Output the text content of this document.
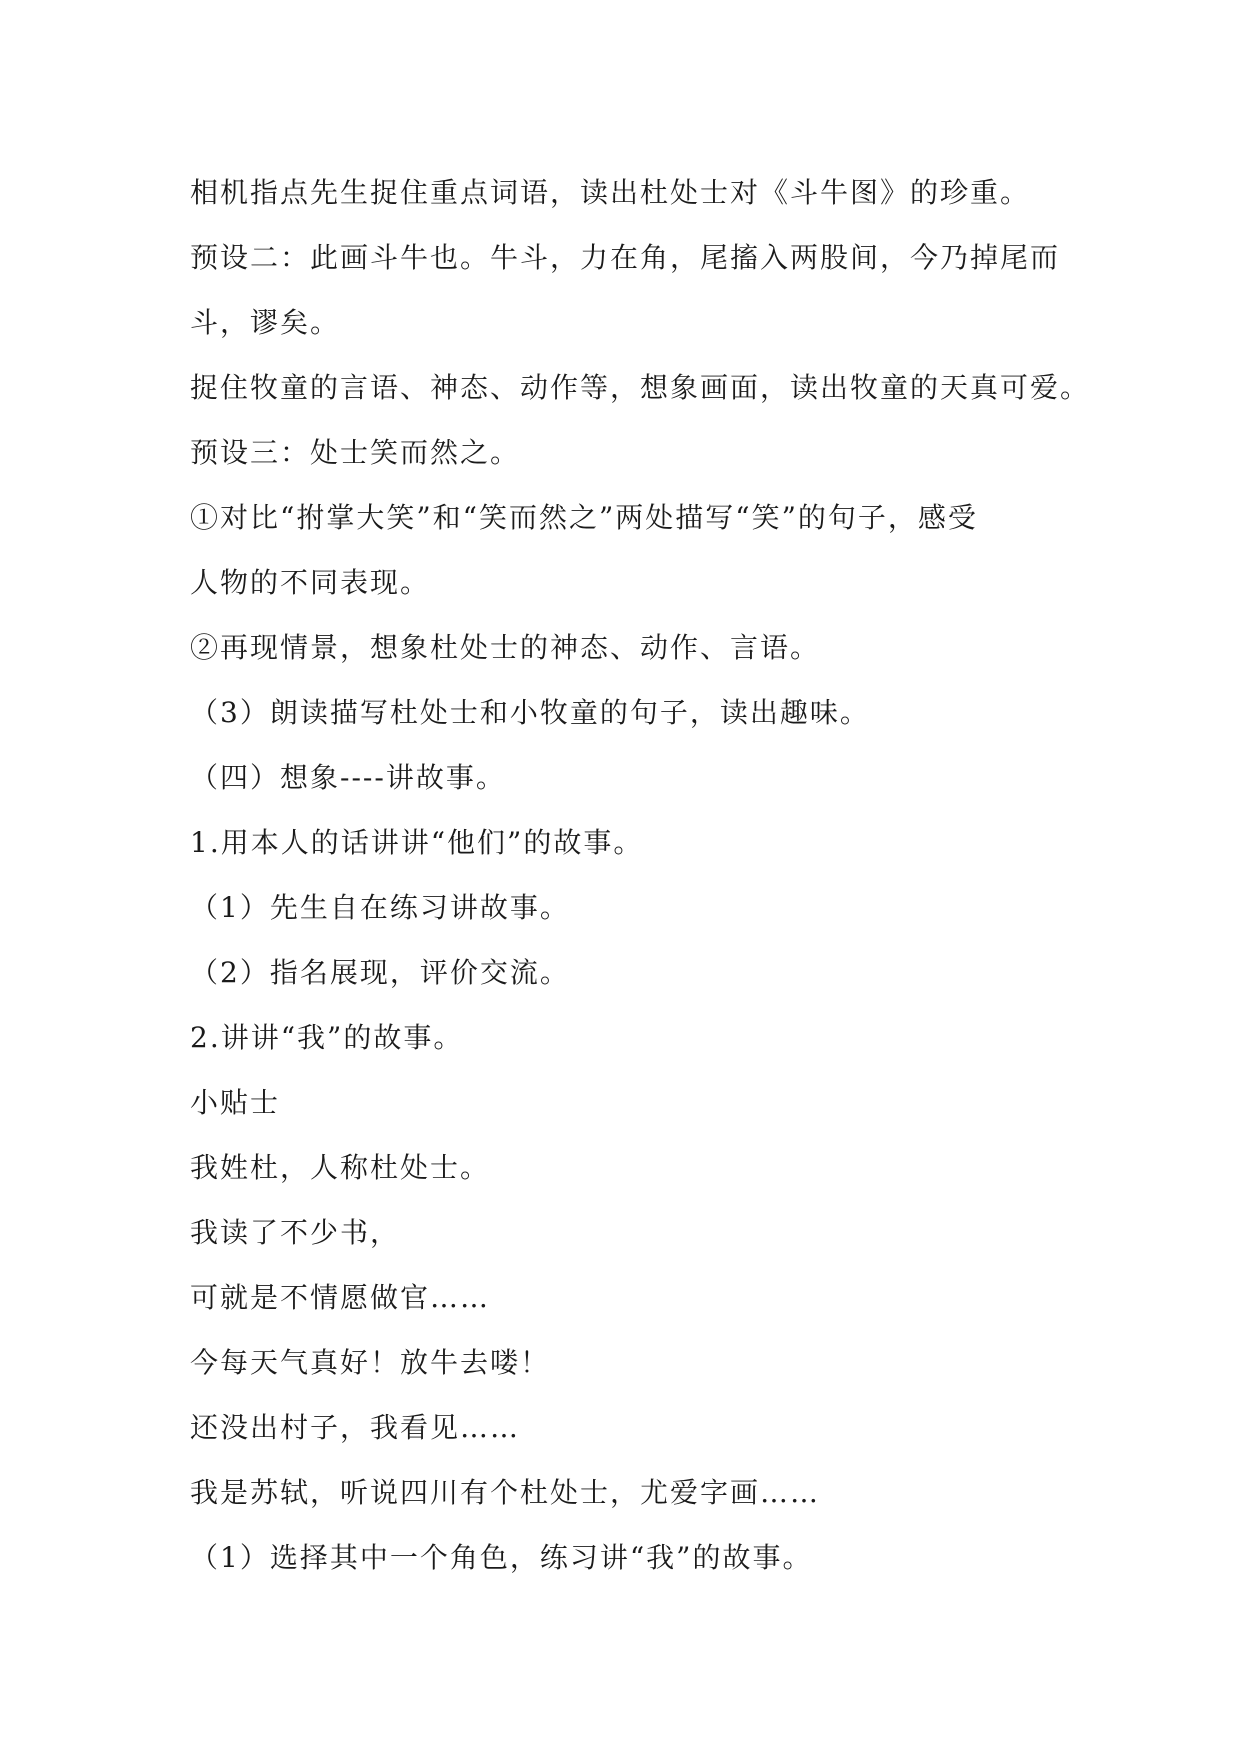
相机指点先生捉住重点词语，读出杜处士对《斗牛图》的珍重。

预设二：此画斗牛也。牛斗，力在角，尾搐入两股间，今乃掉尾而

斗，谬矣。

捉住牧童的言语、神态、动作等，想象画面，读出牧童的天真可爱。

预设三：处士笑而然之。

①对比“拊掌大笑”和“笑而然之”两处描写“笑”的句子，感受

人物的不同表现。

②再现情景，想象杜处士的神态、动作、言语。

（3）朗读描写杜处士和小牧童的句子，读出趣味。

（四）想象----讲故事。

1.用本人的话讲讲“他们”的故事。

（1）先生自在练习讲故事。

（2）指名展现，评价交流。

2.讲讲“我”的故事。

小贴士

我姓杜，人称杜处士。

我读了不少书，

可就是不情愿做官……

今每天气真好！放牛去喽！

还没出村子，我看见……

我是苏轼，听说四川有个杜处士，尤爱字画……

（1）选择其中一个角色，练习讲“我”的故事。
